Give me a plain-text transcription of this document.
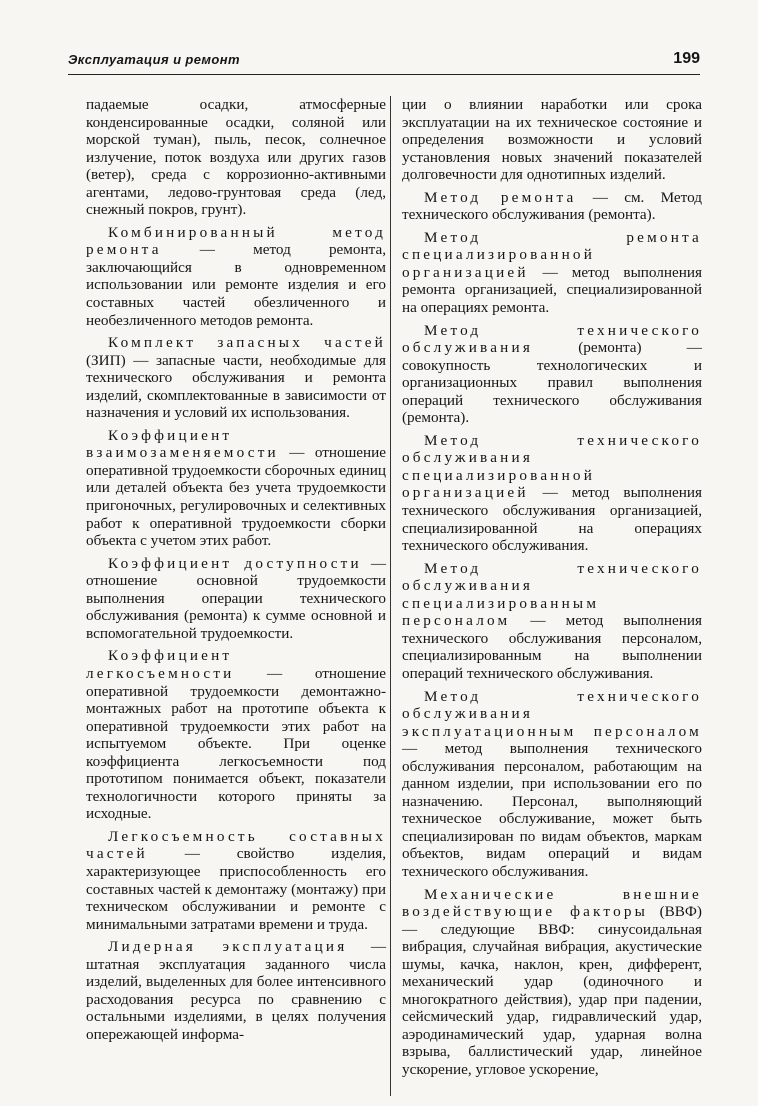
Эксплуатация и ремонт	199

падаемые осадки, атмосферные конденсированные осадки, соляной или морской туман), пыль, песок, солнечное излучение, поток воздуха или других газов (ветер), среда с коррозионно-активными агентами, ледово-грунтовая среда (лед, снежный покров, грунт).

Комбинированный метод ремонта — метод ремонта, заключающийся в одновременном использовании или ремонте изделия и его составных частей обезличенного и необезличенного методов ремонта.

Комплект запасных частей (ЗИП) — запасные части, необходимые для технического обслуживания и ремонта изделий, скомплектованные в зависимости от назначения и условий их использования.

Коэффициент взаимозаменяемости — отношение оперативной трудоемкости сборочных единиц или деталей объекта без учета трудоемкости пригоночных, регулировочных и селективных работ к оперативной трудоемкости сборки объекта с учетом этих работ.

Коэффициент доступности — отношение основной трудоемкости выполнения операции технического обслуживания (ремонта) к сумме основной и вспомогательной трудоемкости.

Коэффициент легкосъемности — отношение оперативной трудоемкости демонтажно-монтажных работ на прототипе объекта к оперативной трудоемкости этих работ на испытуемом объекте. При оценке коэффициента легкосъемности под прототипом понимается объект, показатели технологичности которого приняты за исходные.

Легкосъемность составных частей — свойство изделия, характеризующее приспособленность его составных частей к демонтажу (монтажу) при техническом обслуживании и ремонте с минимальными затратами времени и труда.

Лидерная эксплуатация — штатная эксплуатация заданного числа изделий, выделенных для более интенсивного расходования ресурса по сравнению с остальными изделиями, в целях получения опережающей информа-

ции о влиянии наработки или срока эксплуатации на их техническое состояние и определения возможности и условий установления новых значений показателей долговечности для однотипных изделий.

Метод ремонта — см. Метод технического обслуживания (ремонта).

Метод ремонта специализированной организацией — метод выполнения ремонта организацией, специализированной на операциях ремонта.

Метод технического обслуживания (ремонта) — совокупность технологических и организационных правил выполнения операций технического обслуживания (ремонта).

Метод технического обслуживания специализированной организацией — метод выполнения технического обслуживания организацией, специализированной на операциях технического обслуживания.

Метод технического обслуживания специализированным персоналом — метод выполнения технического обслуживания персоналом, специализированным на выполнении операций технического обслуживания.

Метод технического обслуживания эксплуатационным персоналом — метод выполнения технического обслуживания персоналом, работающим на данном изделии, при использовании его по назначению. Персонал, выполняющий техническое обслуживание, может быть специализирован по видам объектов, маркам объектов, видам операций и видам технического обслуживания.

Механические внешние воздействующие факторы (ВВФ) — следующие ВВФ: синусоидальная вибрация, случайная вибрация, акустические шумы, качка, наклон, крен, дифферент, механический удар (одиночного и многократного действия), удар при падении, сейсмический удар, гидравлический удар, аэродинамический удар, ударная волна взрыва, баллистический удар, линейное ускорение, угловое ускорение,
